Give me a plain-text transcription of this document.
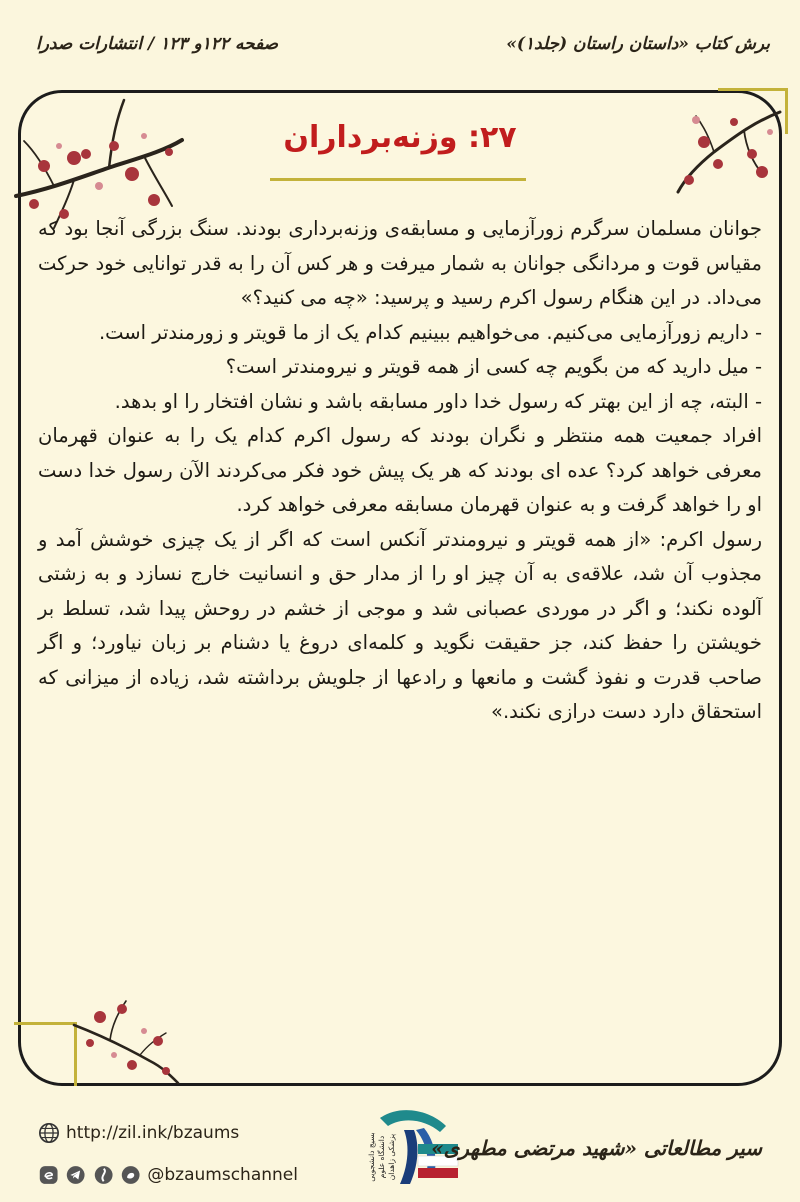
برش کتاب «داستان راستان (جلد۱)»
صفحه ۱۲۲و ۱۲۳ / انتشارات صدرا
۲۷: وزنه‌برداران

جوانان مسلمان سرگرم زورآزمایی و مسابقه‌ی وزنه‌برداری بودند. سنگ بزرگی آنجا بود که مقیاس قوت و مردانگی جوانان به شمار میرفت و هر کس آن را به قدر توانایی خود حرکت می‌داد. در این هنگام رسول اکرم رسید و پرسید: «چه می کنید؟»

- داریم زورآزمایی می‌کنیم. می‌خواهیم ببینیم کدام یک از ما قویتر و زورمندتر است.

- میل دارید که من بگویم چه کسی از همه قویتر و نیرومندتر است؟

- البته، چه از این بهتر که رسول خدا داور مسابقه باشد و نشان افتخار را او بدهد.

افراد جمعیت همه منتظر و نگران بودند که رسول اکرم کدام یک را به عنوان قهرمان معرفی خواهد کرد؟ عده ای بودند که هر یک پیش خود فکر می‌کردند الآن رسول خدا دست او را خواهد گرفت و به عنوان قهرمان مسابقه معرفی خواهد کرد.

رسول اکرم: «از همه قویتر و نیرومندتر آنکس است که اگر از یک چیزی خوشش آمد و مجذوب آن شد، علاقه‌ی به آن چیز او را از مدار حق و انسانیت خارج نسازد و به زشتی آلوده نکند؛ و اگر در موردی عصبانی شد و موجی از خشم در روحش پیدا شد، تسلط بر خویشتن را حفظ کند، جز حقیقت نگوید و کلمه‌ای دروغ یا دشنام بر زبان نیاورد؛ و اگر صاحب قدرت و نفوذ گشت و مانعها و رادعها از جلویش برداشته شد، زیاده از میزانی که استحقاق دارد دست درازی نکند.»

http://zil.ink/bzaums
@bzaumschannel	بسیج دانشجویی دانشگاه علوم پزشکی زاهدان سیر مطالعاتی «شهید مرتضی مطهری»
